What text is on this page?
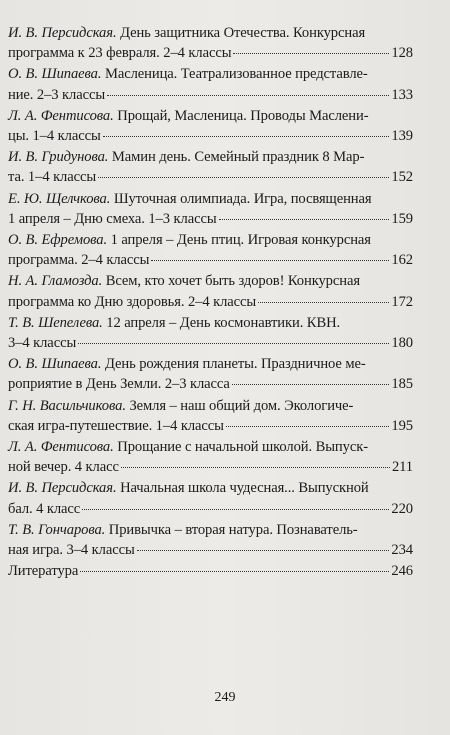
И. В. Персидская. День защитника Отечества. Конкурсная
программа к 23 февраля. 2–4 классы	128
О. В. Шипаева. Масленица. Театрализованное представле-
ние. 2–3 классы	133
Л. А. Фентисова. Прощай, Масленица. Проводы Маслени-
цы. 1–4 классы	139
И. В. Гридунова. Мамин день. Семейный праздник 8 Мар-
та. 1–4 классы	152
Е. Ю. Щелчкова. Шуточная олимпиада. Игра, посвященная
1 апреля – Дню смеха. 1–3 классы	159
О. В. Ефремова. 1 апреля – День птиц. Игровая конкурсная
программа. 2–4 классы	162
Н. А. Гламозда. Всем, кто хочет быть здоров! Конкурсная
программа ко Дню здоровья. 2–4 классы	172
Т. В. Шепелева. 12 апреля – День космонавтики. КВН.
3–4 классы	180
О. В. Шипаева. День рождения планеты. Праздничное ме-
роприятие в День Земли. 2–3 класса	185
Г. Н. Васильчикова. Земля – наш общий дом. Экологиче-
ская игра-путешествие. 1–4 классы	195
Л. А. Фентисова. Прощание с начальной школой. Выпуск-
ной вечер. 4 класс	211
И. В. Персидская. Начальная школа чудесная... Выпускной
бал. 4 класс	220
Т. В. Гончарова. Привычка – вторая натура. Познаватель-
ная игра. 3–4 классы	234
Литература	246
249
